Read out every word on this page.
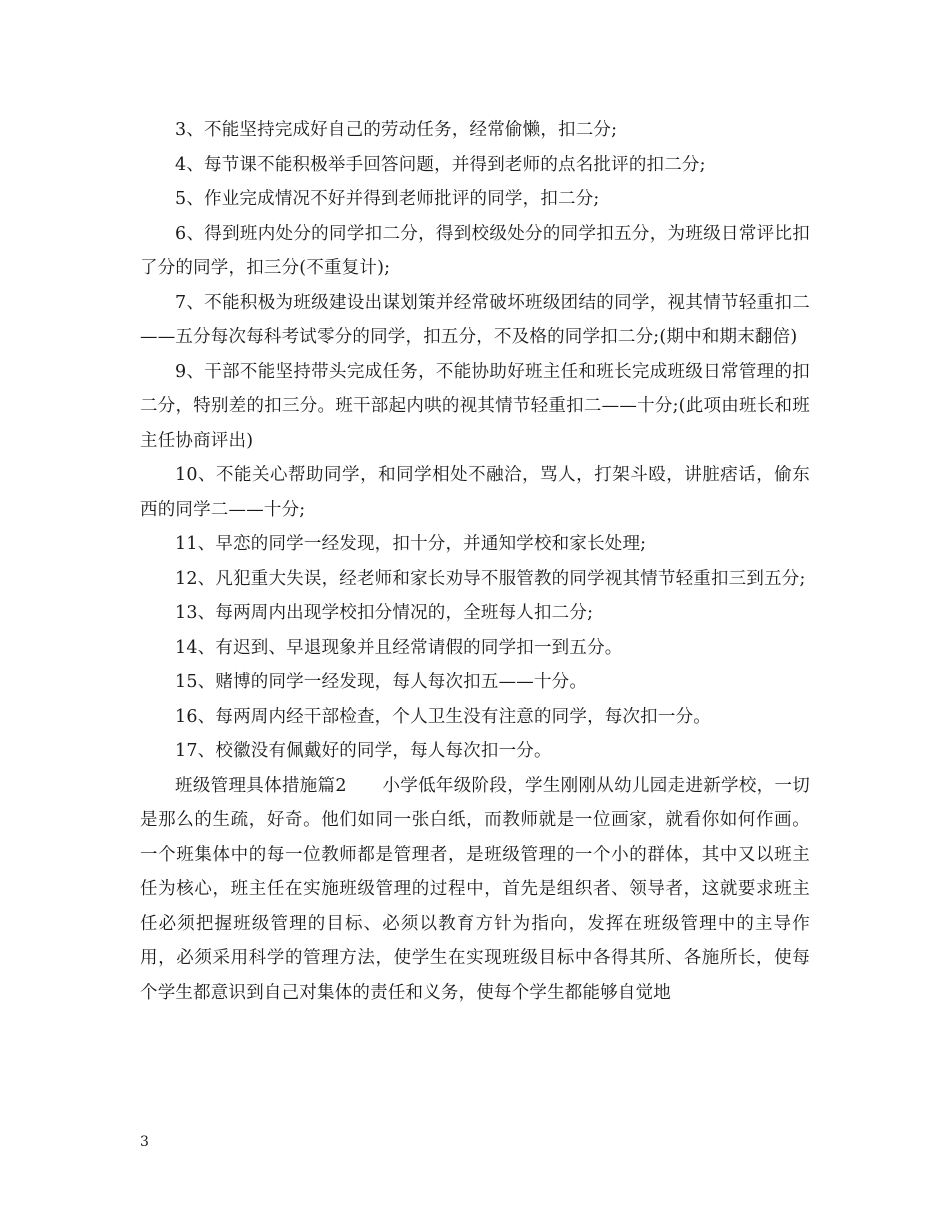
3、不能坚持完成好自己的劳动任务，经常偷懒，扣二分;

4、每节课不能积极举手回答问题，并得到老师的点名批评的扣二分;

5、作业完成情况不好并得到老师批评的同学，扣二分;

6、得到班内处分的同学扣二分，得到校级处分的同学扣五分，为班级日常评比扣了分的同学，扣三分(不重复计);

7、不能积极为班级建设出谋划策并经常破坏班级团结的同学，视其情节轻重扣二——五分每次每科考试零分的同学，扣五分，不及格的同学扣二分;(期中和期末翻倍)

9、干部不能坚持带头完成任务，不能协助好班主任和班长完成班级日常管理的扣二分，特别差的扣三分。班干部起内哄的视其情节轻重扣二——十分;(此项由班长和班主任协商评出)

10、不能关心帮助同学，和同学相处不融洽，骂人，打架斗殴，讲脏痞话，偷东西的同学二——十分;

11、早恋的同学一经发现，扣十分，并通知学校和家长处理;

12、凡犯重大失误，经老师和家长劝导不服管教的同学视其情节轻重扣三到五分;

13、每两周内出现学校扣分情况的，全班每人扣二分;

14、有迟到、早退现象并且经常请假的同学扣一到五分。

15、赌博的同学一经发现，每人每次扣五——十分。

16、每两周内经干部检查，个人卫生没有注意的同学，每次扣一分。

17、校徽没有佩戴好的同学，每人每次扣一分。

班级管理具体措施篇2　　小学低年级阶段，学生刚刚从幼儿园走进新学校，一切是那么的生疏，好奇。他们如同一张白纸，而教师就是一位画家，就看你如何作画。一个班集体中的每一位教师都是管理者，是班级管理的一个小的群体，其中又以班主任为核心，班主任在实施班级管理的过程中，首先是组织者、领导者，这就要求班主任必须把握班级管理的目标、必须以教育方针为指向，发挥在班级管理中的主导作用，必须采用科学的管理方法，使学生在实现班级目标中各得其所、各施所长，使每个学生都意识到自己对集体的责任和义务，使每个学生都能够自觉地

3
